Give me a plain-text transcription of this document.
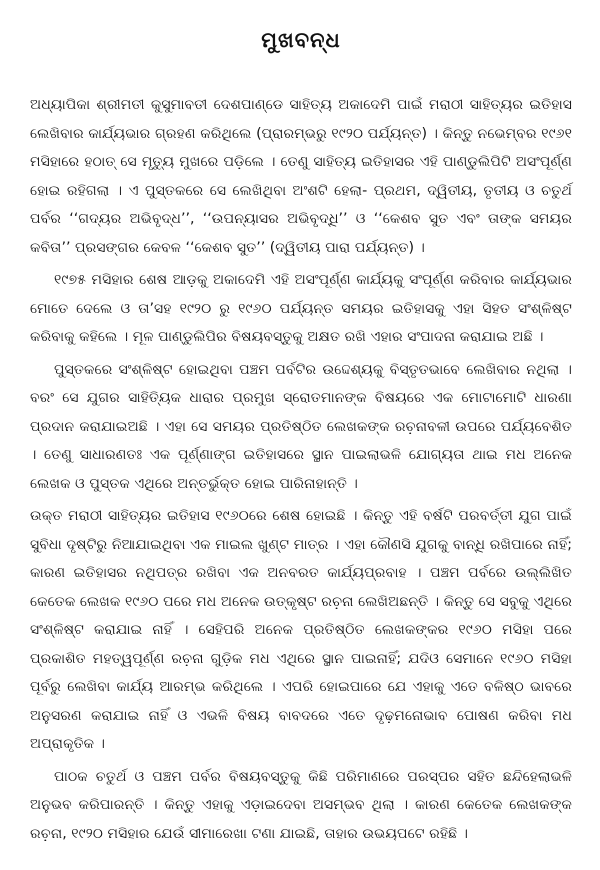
ମୁଖବନ୍ଧ

ଅଧ୍ୟାପିକା ଶ୍ରୀମତୀ କୁସୁମାବତୀ ଦେଶପାଣ୍ଡେ ସାହିତ୍ୟ ଅକାଦେମି ପାଇଁ ମରାଠୀ ସାହିତ୍ୟର ଇତିହାସ ଲେଖିବାର କାର୍ଯ୍ୟଭାର ଗ୍ରହଣ କରିଥିଲେ (ପ୍ରାରମ୍ଭରୁ ୧୯୨୦ ପର୍ଯ୍ୟନ୍ତ) । କିନ୍ତୁ ନଭେମ୍ବର ୧୯୬୧ ମସିହାରେ ହଠାତ୍ ସେ ମୃତ୍ୟୁ ମୁଖରେ ପଡ଼ିଲେ । ତେଣୁ ସାହିତ୍ୟ ଇତିହାସର ଏହି ପାଣ୍ଡୁଲିପିଟି ଅସଂପୂର୍ଣ୍ଣ ହୋଇ ରହିଗଲା । ଏ ପୁସ୍ତକରେ ସେ ଲେଖିଥିବା ଅଂଶଟି ହେଲା- ପ୍ରଥମ, ଦ୍ୱିତୀୟ, ତୃତୀୟ ଓ ଚତୁର୍ଥ ପର୍ବର ‘‘ଗଦ୍ୟର ଅଭିବୃଦ୍ଧ’’, ‘‘ଉପନ୍ୟାସର ଅଭିବୃଦ୍ଧି’’ ଓ ‘‘କେଶବ ସୁତ ଏବଂ ତାଙ୍କ ସମୟର କବିତା’’ ପ୍ରସଙ୍ଗର କେବଳ ‘‘କେଶବ ସୁତ’’ (ଦ୍ୱିତୀୟ ପାରା ପର୍ଯ୍ୟନ୍ତ) ।

୧୯୭୫ ମସିହାର ଶେଷ ଆଡ଼କୁ ଅକାଦେମି ଏହି ଅସଂପୂର୍ଣ୍ଣ କାର୍ଯ୍ୟକୁ ସଂପୂର୍ଣ୍ଣ କରିବାର କାର୍ଯ୍ୟଭାର ମୋତେ ଦେଲେ ଓ ତା’ସହ ୧୯୨୦ ରୁ ୧୯୬୦ ପର୍ଯ୍ୟନ୍ତ ସମୟର ଇତିହାସକୁ ଏହା ସିହତ ସଂଶ୍ଳିଷ୍ଟ କରିବାକୁ କହିଲେ । ମୂଳ ପାଣ୍ଡୁଲିପିର ବିଷୟବସ୍ତୁକୁ ଅକ୍ଷତ ରଖି ଏହାର ସଂପାଦନା କରାଯାଇ ଅଛି ।

ପୁସ୍ତକରେ ସଂଶ୍ଳିଷ୍ଟ ହୋଇଥିବା ପଞ୍ଚମ ପର୍ବଟିର ଉଦ୍ଦେଶ୍ୟକୁ ବିସ୍ତୃତଭାବେ ଲେଖିବାର ନଥିଲା । ବରଂ ସେ ଯୁଗର ସାହିତ୍ୟିକ ଧାରାର ପ୍ରମୁଖ ସ୍ରୋତମାନଙ୍କ ବିଷୟରେ ଏକ ମୋଟାମୋଟି ଧାରଣା ପ୍ରଦାନ କରାଯାଇଅଛି । ଏହା ସେ ସମୟର ପ୍ରତିଷ୍ଠିତ ଲେଖକଙ୍କ ରଚ଼ନାବଳୀ ଉପରେ ପର୍ଯ୍ୟବେଶିତ । ତେଣୁ ସାଧାରଣତଃ ଏକ ପୂର୍ଣ୍ଣାଙ୍ଗ ଇତିହାସରେ ସ୍ଥାନ ପାଇଲାଭଳି ଯୋଗ୍ୟତା ଥାଇ ମଧ ଅନେକ ଲେଖକ ଓ ପୁସ୍ତକ ଏଥିରେ ଅନ୍ତର୍ଭୁକ୍ତ ହୋଇ ପାରିନାହାନ୍ତି ।

ଉକ୍ତ ମରାଠୀ ସାହିତ୍ୟର ଇତିହାସ ୧୯୬୦ରେ ଶେଷ ହୋଇଛି । କିନ୍ତୁ ଏହି ବର୍ଷଟି ପରବର୍ତ୍ତୀ ଯୁଗ ପାଇଁ ସୁବିଧା ଦୃଷ୍ଟିରୁ ନିଆଯାଇଥିବା ଏକ ମାଇଲ ଖୁଣ୍ଟ ମାତ୍ର । ଏହା କୌଣସି ଯୁଗକୁ ବାନ୍ଧି ରଖିପାରେ ନାହିଁ; କାରଣ ଇତିହାସର ନଥିପତ୍ର ରଖିବା ଏକ ଅନବରତ କାର୍ଯ୍ୟପ୍ରବାହ । ପଞ୍ଚମ ପର୍ବରେ ଉଲ୍ଲିଖିତ କେତେକ ଲେଖକ ୧୯୬୦ ପରେ ମଧ ଅନେକ ଉତ୍କୃଷ୍ଟ ରଚ଼ନା ଲେଖିଅଛନ୍ତି । କିନ୍ତୁ ସେ ସବୁକୁ ଏଥିରେ ସଂଶ୍ଳିଷ୍ଟ କରାଯାଇ ନାହିଁ । ସେହିପରି ଅନେକ ପ୍ରତିଷ୍ଠିତ ଲେଖକଙ୍କର ୧୯୬୦ ମସିହା ପରେ ପ୍ରକାଶିତ ମହତ୍ୱପୂର୍ଣ୍ଣ ରଚ଼ନା ଗୁଡ଼ିକ ମଧ ଏଥିରେ ସ୍ଥାନ ପାଇନାହିଁ; ଯଦିଓ ସେମାନେ ୧୯୬୦ ମସିହା ପୂର୍ବରୁ ଲେଖିବା କାର୍ଯ୍ୟ ଆରମ୍ଭ କରିଥିଲେ । ଏପରି ହୋଇପାରେ ଯେ ଏହାକୁ ଏତେ ବଳିଷ୍ଠ ଭାବରେ ଅନୁସରଣ କରାଯାଇ ନାହିଁ ଓ ଏଭଳି ବିଷୟ ବାବଦରେ ଏତେ ଦୃଢ଼ମନୋଭାବ ପୋଷଣ କରିବା ମଧ ଅପ୍ରାକୃତିକ ।

ପାଠକ ଚତୁର୍ଥ ଓ ପଞ୍ଚମ ପର୍ବର ବିଷୟବସ୍ତୁକୁ କିଛି ପରିମାଣରେ ପରସ୍ପର ସହିତ ଛନ୍ଦିହେଲାଭଳି ଅନୁଭବ କରିପାରନ୍ତି । କିନ୍ତୁ ଏହାକୁ ଏଡ଼ାଇଦେବା ଅସମ୍ଭବ ଥିଲା । କାରଣ କେତେକ ଲେଖକଙ୍କ ରଚ଼ନା, ୧୯୨୦ ମସିହାର ଯେଉଁ ସୀମାରେଖା ଟଣା ଯାଇଛି, ତାହାର ଉଭୟପଟେ ରହିଛି ।
